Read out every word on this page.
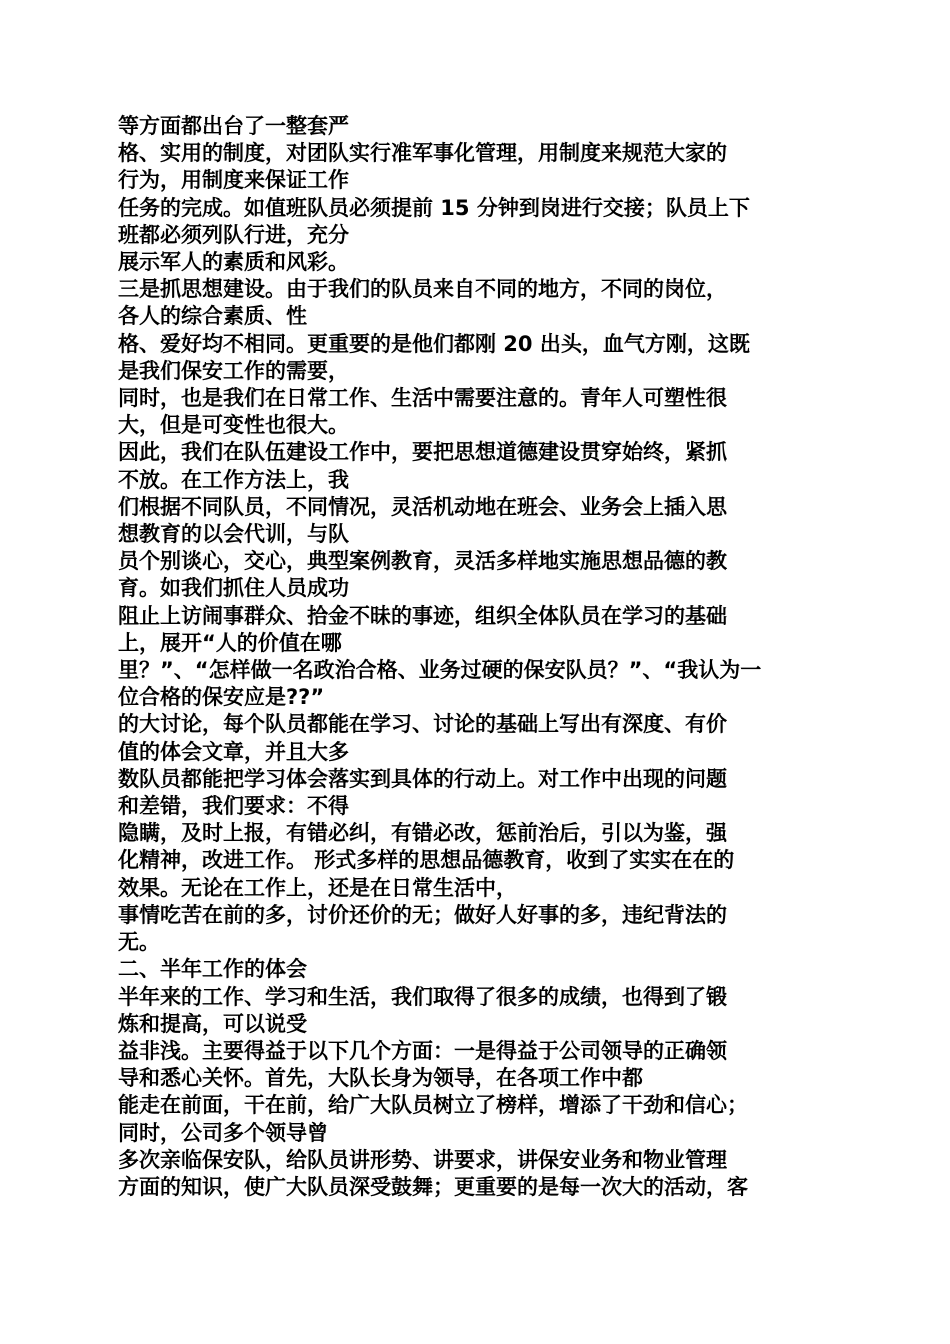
等方面都出台了一整套严

格、实用的制度，对团队实行准军事化管理，用制度来规范大家的

行为，用制度来保证工作

任务的完成。如值班队员必须提前 15 分钟到岗进行交接；队员上下

班都必须列队行进，充分

展示军人的素质和风彩。

三是抓思想建设。由于我们的队员来自不同的地方，不同的岗位，

各人的综合素质、性

格、爱好均不相同。更重要的是他们都刚 20 出头，血气方刚，这既

是我们保安工作的需要，

同时，也是我们在日常工作、生活中需要注意的。青年人可塑性很

大，但是可变性也很大。

因此，我们在队伍建设工作中，要把思想道德建设贯穿始终，紧抓

不放。在工作方法上，我

们根据不同队员，不同情况，灵活机动地在班会、业务会上插入思

想教育的以会代训，与队

员个别谈心，交心，典型案例教育，灵活多样地实施思想品德的教

育。如我们抓住人员成功

阻止上访闹事群众、拾金不昧的事迹，组织全体队员在学习的基础

上，展开“人的价值在哪

里？”、“怎样做一名政治合格、业务过硬的保安队员？”、“我认为一

位合格的保安应是??”

的大讨论，每个队员都能在学习、讨论的基础上写出有深度、有价

值的体会文章，并且大多

数队员都能把学习体会落实到具体的行动上。对工作中出现的问题

和差错，我们要求：不得

隐瞒，及时上报，有错必纠，有错必改，惩前治后，引以为鉴，强

化精神，改进工作。 形式多样的思想品德教育，收到了实实在在的

效果。无论在工作上，还是在日常生活中，

事情吃苦在前的多，讨价还价的无；做好人好事的多，违纪背法的

无。

二、半年工作的体会

半年来的工作、学习和生活，我们取得了很多的成绩，也得到了锻

炼和提高，可以说受

益非浅。主要得益于以下几个方面：一是得益于公司领导的正确领

导和悉心关怀。首先，大队长身为领导，在各项工作中都

能走在前面，干在前，给广大队员树立了榜样，增添了干劲和信心；

同时，公司多个领导曾

多次亲临保安队，给队员讲形势、讲要求，讲保安业务和物业管理

方面的知识，使广大队员深受鼓舞；更重要的是每一次大的活动，客
